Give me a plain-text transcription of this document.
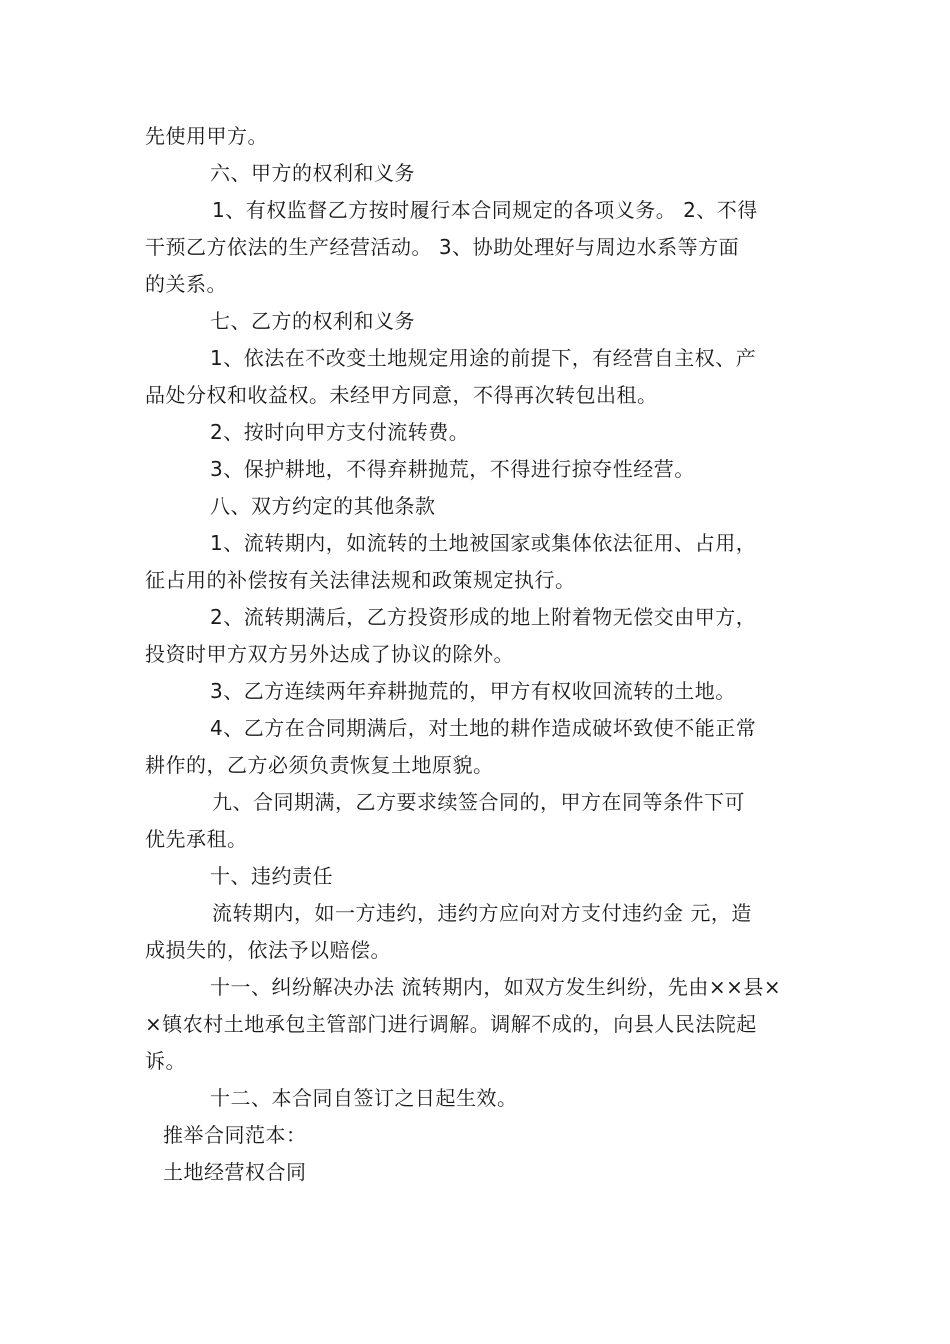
先使用甲方。
六、甲方的权利和义务
1、有权监督乙方按时履行本合同规定的各项义务。 2、不得
干预乙方依法的生产经营活动。 3、协助处理好与周边水系等方面
的关系。
七、乙方的权利和义务
1、依法在不改变土地规定用途的前提下，有经营自主权、产
品处分权和收益权。未经甲方同意，不得再次转包出租。
2、按时向甲方支付流转费。
3、保护耕地，不得弃耕抛荒，不得进行掠夺性经营。
八、双方约定的其他条款
1、流转期内，如流转的土地被国家或集体依法征用、占用，
征占用的补偿按有关法律法规和政策规定执行。
2、流转期满后，乙方投资形成的地上附着物无偿交由甲方，
投资时甲方双方另外达成了协议的除外。
3、乙方连续两年弃耕抛荒的，甲方有权收回流转的土地。
4、乙方在合同期满后，对土地的耕作造成破坏致使不能正常
耕作的，乙方必须负责恢复土地原貌。
九、合同期满，乙方要求续签合同的，甲方在同等条件下可
优先承租。
十、违约责任
流转期内，如一方违约，违约方应向对方支付违约金 元，造
成损失的，依法予以赔偿。
十一、纠纷解决办法 流转期内，如双方发生纠纷，先由××县×
×镇农村土地承包主管部门进行调解。调解不成的，向县人民法院起
诉。
十二、本合同自签订之日起生效。
推举合同范本：
土地经营权合同
